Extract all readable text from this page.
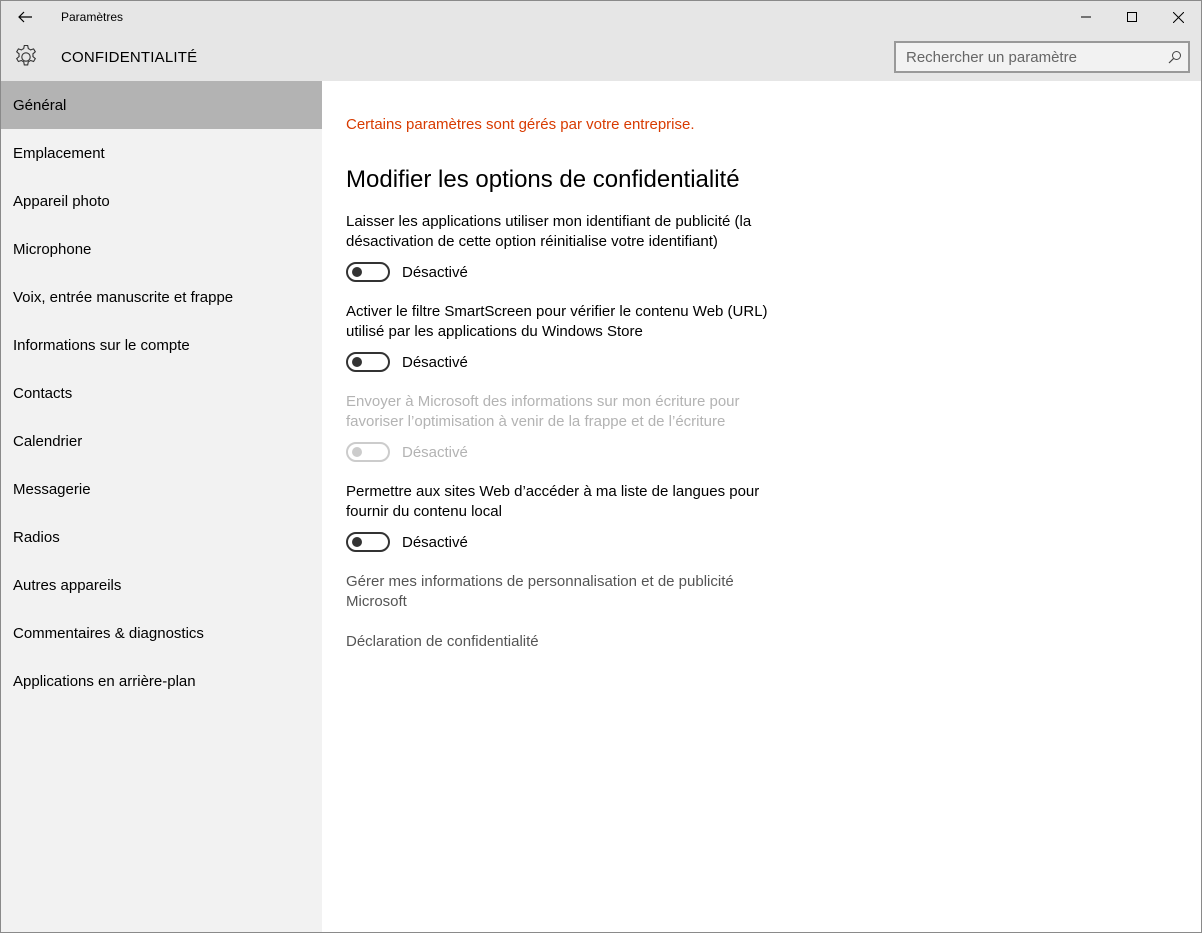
Paramètres
CONFIDENTIALITÉ
Rechercher un paramètre
Général
Emplacement
Appareil photo
Microphone
Voix, entrée manuscrite et frappe
Informations sur le compte
Contacts
Calendrier
Messagerie
Radios
Autres appareils
Commentaires & diagnostics
Applications en arrière-plan
Certains paramètres sont gérés par votre entreprise.
Modifier les options de confidentialité
Laisser les applications utiliser mon identifiant de publicité (la désactivation de cette option réinitialise votre identifiant)
Désactivé
Activer le filtre SmartScreen pour vérifier le contenu Web (URL) utilisé par les applications du Windows Store
Désactivé
Envoyer à Microsoft des informations sur mon écriture pour favoriser l’optimisation à venir de la frappe et de l’écriture
Désactivé
Permettre aux sites Web d’accéder à ma liste de langues pour fournir du contenu local
Désactivé
Gérer mes informations de personnalisation et de publicité Microsoft
Déclaration de confidentialité
